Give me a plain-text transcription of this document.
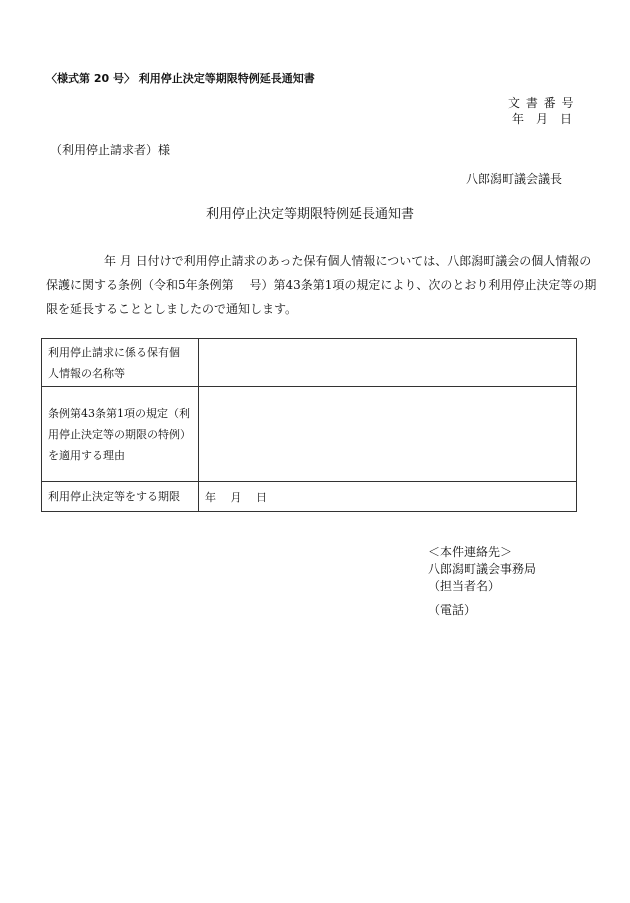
〈様式第 20 号〉 利用停止決定等期限特例延長通知書
文 書 番 号
年　月　日
（利用停止請求者）様
八郎潟町議会議長
利用停止決定等期限特例延長通知書
　年 月 日付けで利用停止請求のあった保有個人情報については、八郎潟町議会の個人情報の
保護に関する条例（令和5年条例第　 号）第43条第1項の規定により、次のとおり利用停止決定等の期
限を延長することとしましたので通知します。
利用停止請求に係る保有個
人情報の名称等	

条例第43条第1項の規定（利
用停止決定等の期限の特例）
を適用する理由	

利用停止決定等をする期限	年　 月　 日
＜本件連絡先＞
八郎潟町議会事務局
（担当者名）
（電話）
